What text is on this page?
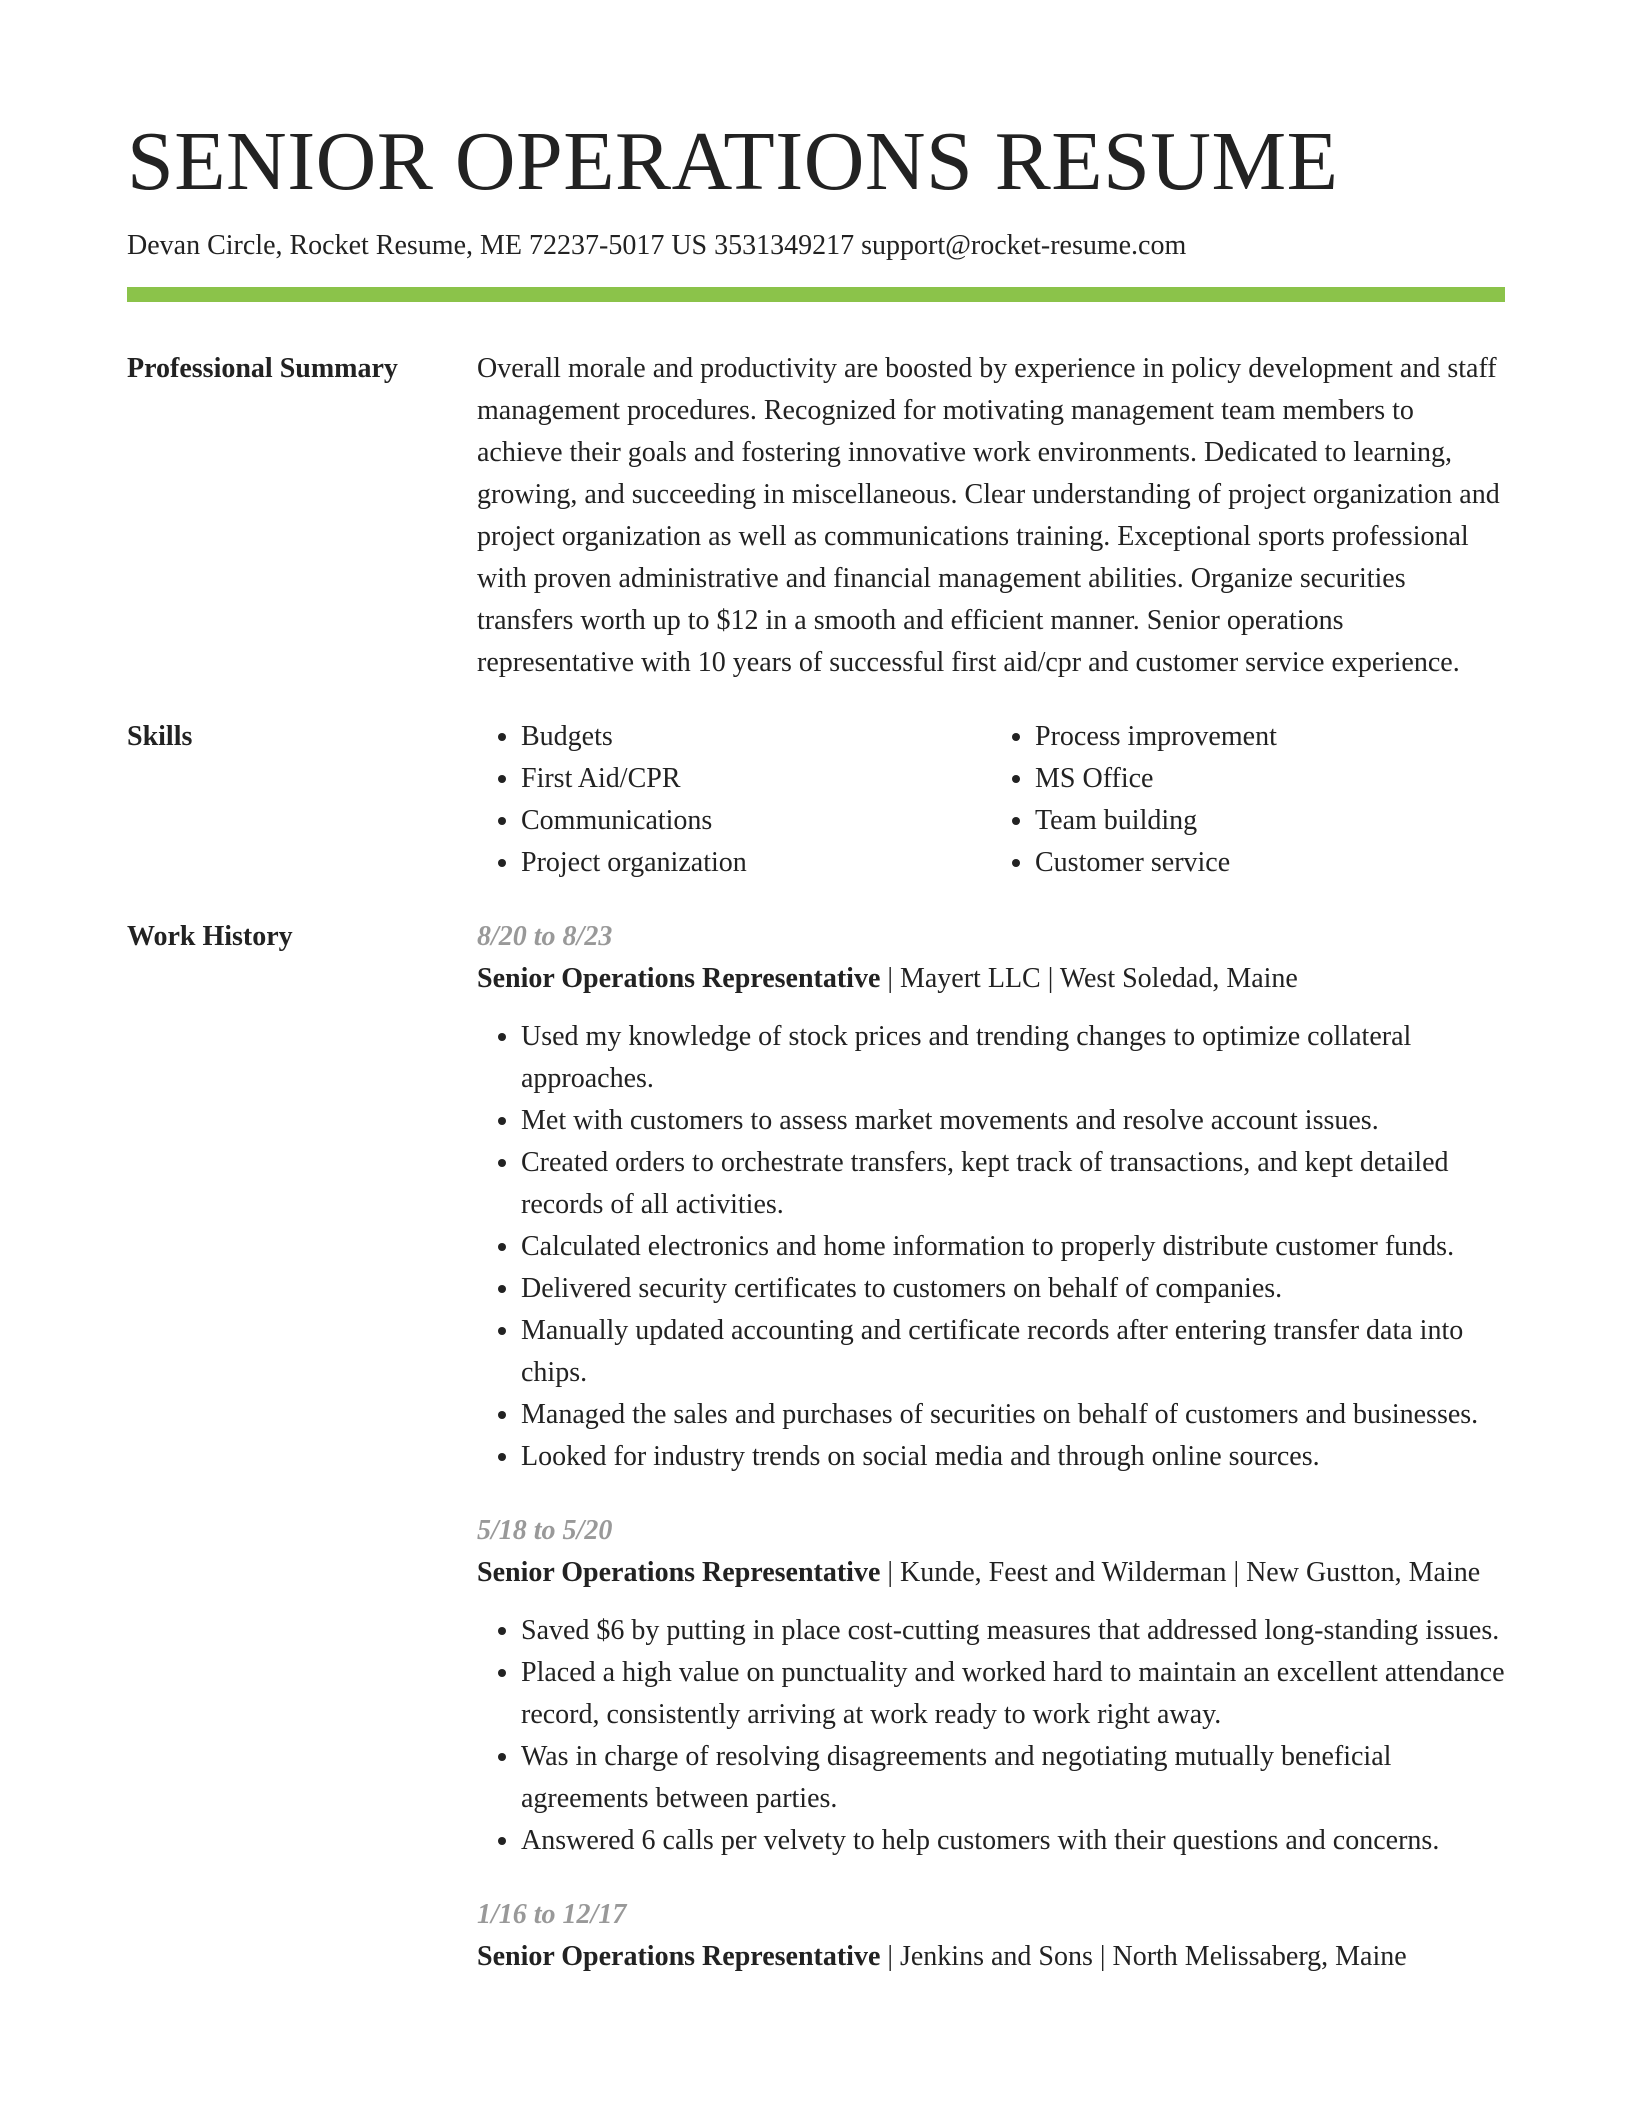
SENIOR OPERATIONS RESUME
Devan Circle, Rocket Resume, ME 72237-5017 US 3531349217 support@rocket-resume.com
Professional Summary	Overall morale and productivity are boosted by experience in policy development and staff management procedures. Recognized for motivating management team members to achieve their goals and fostering innovative work environments. Dedicated to learning, growing, and succeeding in miscellaneous. Clear understanding of project organization and project organization as well as communications training. Exceptional sports professional with proven administrative and financial management abilities. Organize securities transfers worth up to $12 in a smooth and efficient manner. Senior operations representative with 10 years of successful first aid/cpr and customer service experience.
Skills
•	Budgets
• First Aid/CPR
• Communications
• Project organization
• Process improvement
• MS Office
• Team building
• Customer service
Work History	8/20 to 8/23
Senior Operations Representative | Mayert LLC | West Soledad, Maine
• Used my knowledge of stock prices and trending changes to optimize collateral approaches.
• Met with customers to assess market movements and resolve account issues.
• Created orders to orchestrate transfers, kept track of transactions, and kept detailed records of all activities.
• Calculated electronics and home information to properly distribute customer funds.
• Delivered security certificates to customers on behalf of companies.
• Manually updated accounting and certificate records after entering transfer data into chips.
• Managed the sales and purchases of securities on behalf of customers and businesses.
• Looked for industry trends on social media and through online sources.
5/18 to 5/20
Senior Operations Representative | Kunde, Feest and Wilderman | New Gustton, Maine
• Saved $6 by putting in place cost-cutting measures that addressed long-standing issues.
• Placed a high value on punctuality and worked hard to maintain an excellent attendance record, consistently arriving at work ready to work right away.
• Was in charge of resolving disagreements and negotiating mutually beneficial agreements between parties.
• Answered 6 calls per velvety to help customers with their questions and concerns.
1/16 to 12/17
Senior Operations Representative | Jenkins and Sons | North Melissaberg, Maine
